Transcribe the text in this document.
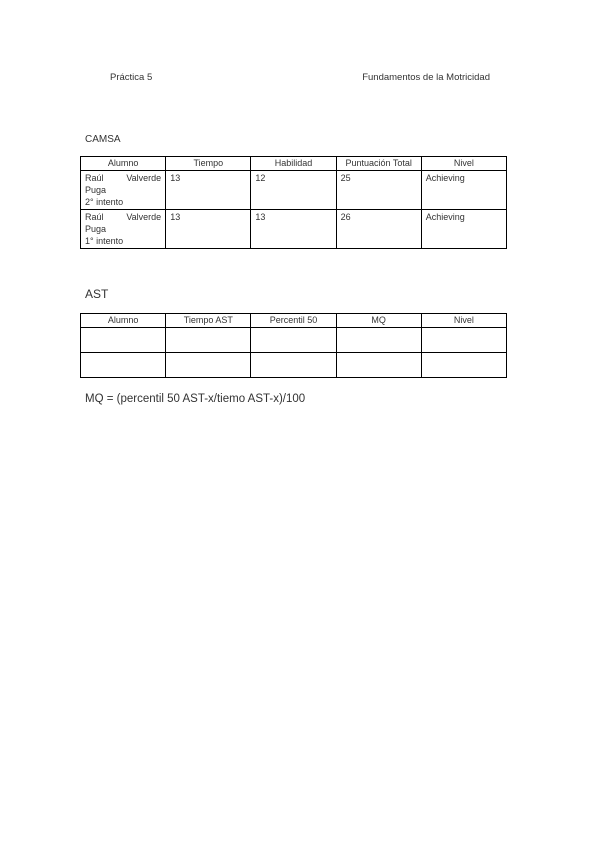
Práctica 5	Fundamentos de la Motricidad
CAMSA
Alumno	Tiempo	Habilidad	Puntuación Total	Nivel

Raúl Valverde
Puga
2° intento	13	12	25	Achieving

Raúl Valverde
Puga
1° intento	13	13	26	Achieving
AST
Alumno	Tiempo AST	Percentil 50	MQ	Nivel

MQ = (percentil 50 AST-x/tiemo AST-x)/100
